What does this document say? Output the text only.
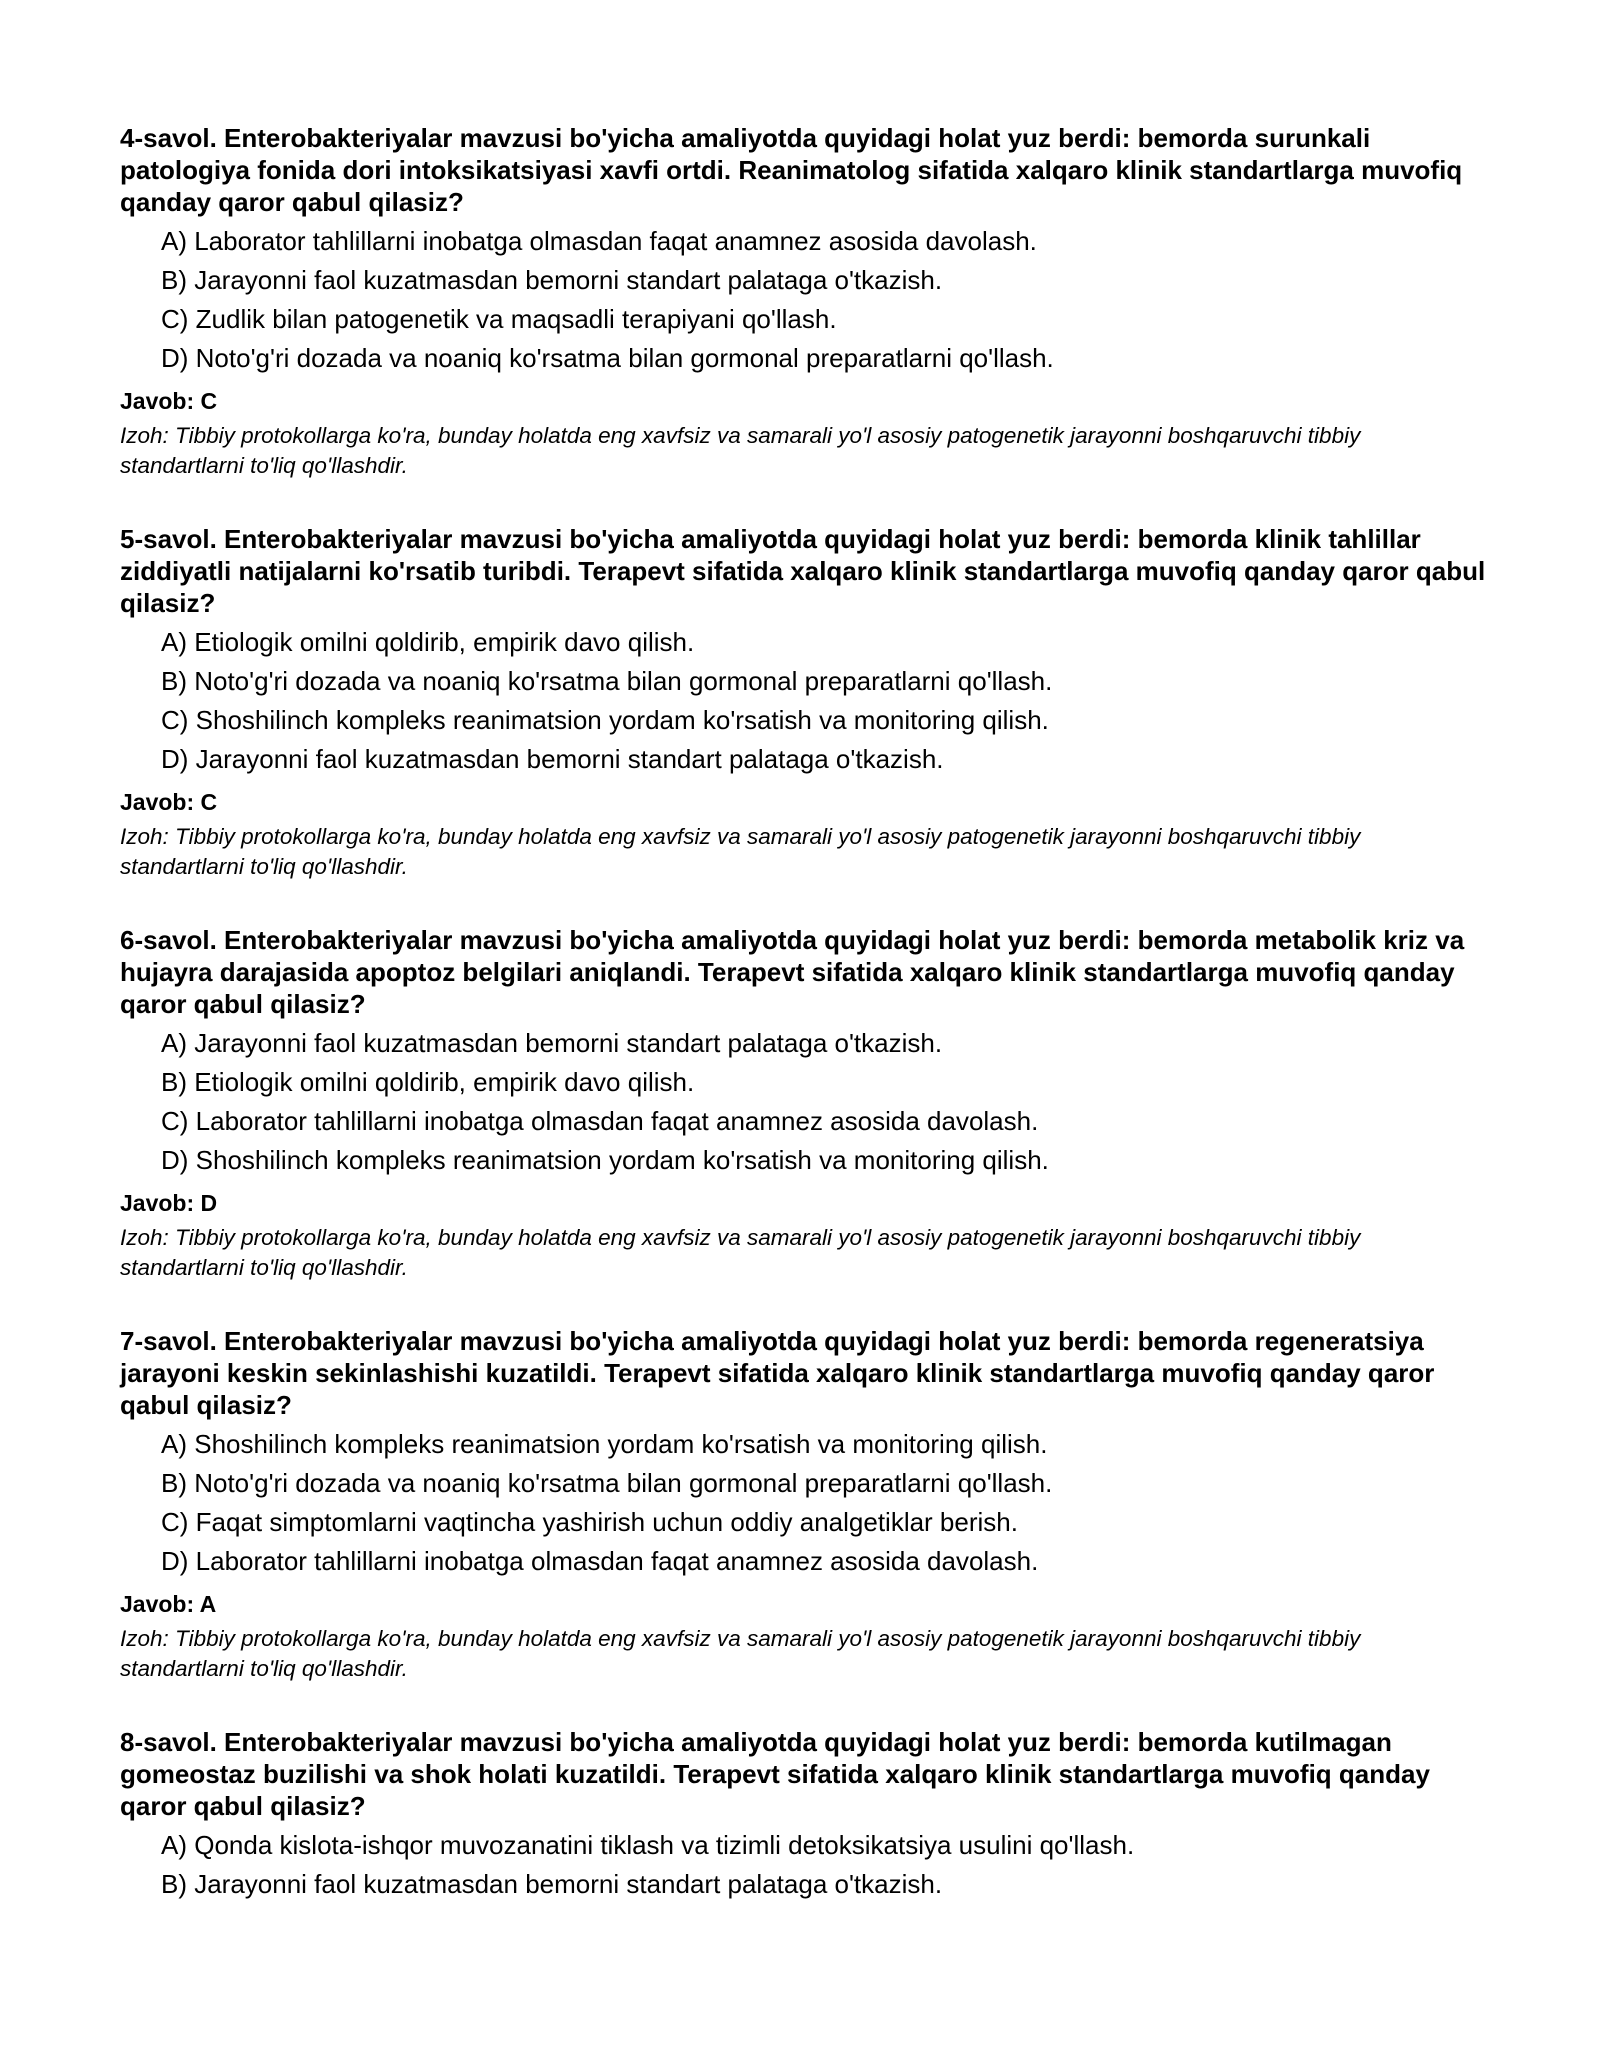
4-savol. Enterobakteriyalar mavzusi bo'yicha amaliyotda quyidagi holat yuz berdi: bemorda surunkali patologiya fonida dori intoksikatsiyasi xavfi ortdi. Reanimatolog sifatida xalqaro klinik standartlarga muvofiq qanday qaror qabul qilasiz?

A) Laborator tahlillarni inobatga olmasdan faqat anamnez asosida davolash.
B) Jarayonni faol kuzatmasdan bemorni standart palataga o'tkazish.
C) Zudlik bilan patogenetik va maqsadli terapiyani qo'llash.
D) Noto'g'ri dozada va noaniq ko'rsatma bilan gormonal preparatlarni qo'llash.

Javob: C

Izoh: Tibbiy protokollarga ko'ra, bunday holatda eng xavfsiz va samarali yo'l asosiy patogenetik jarayonni boshqaruvchi tibbiy standartlarni to'liq qo'llashdir.

5-savol. Enterobakteriyalar mavzusi bo'yicha amaliyotda quyidagi holat yuz berdi: bemorda klinik tahlillar ziddiyatli natijalarni ko'rsatib turibdi. Terapevt sifatida xalqaro klinik standartlarga muvofiq qanday qaror qabul qilasiz?

A) Etiologik omilni qoldirib, empirik davo qilish.
B) Noto'g'ri dozada va noaniq ko'rsatma bilan gormonal preparatlarni qo'llash.
C) Shoshilinch kompleks reanimatsion yordam ko'rsatish va monitoring qilish.
D) Jarayonni faol kuzatmasdan bemorni standart palataga o'tkazish.

Javob: C

Izoh: Tibbiy protokollarga ko'ra, bunday holatda eng xavfsiz va samarali yo'l asosiy patogenetik jarayonni boshqaruvchi tibbiy standartlarni to'liq qo'llashdir.

6-savol. Enterobakteriyalar mavzusi bo'yicha amaliyotda quyidagi holat yuz berdi: bemorda metabolik kriz va hujayra darajasida apoptoz belgilari aniqlandi. Terapevt sifatida xalqaro klinik standartlarga muvofiq qanday qaror qabul qilasiz?

A) Jarayonni faol kuzatmasdan bemorni standart palataga o'tkazish.
B) Etiologik omilni qoldirib, empirik davo qilish.
C) Laborator tahlillarni inobatga olmasdan faqat anamnez asosida davolash.
D) Shoshilinch kompleks reanimatsion yordam ko'rsatish va monitoring qilish.

Javob: D

Izoh: Tibbiy protokollarga ko'ra, bunday holatda eng xavfsiz va samarali yo'l asosiy patogenetik jarayonni boshqaruvchi tibbiy standartlarni to'liq qo'llashdir.

7-savol. Enterobakteriyalar mavzusi bo'yicha amaliyotda quyidagi holat yuz berdi: bemorda regeneratsiya jarayoni keskin sekinlashishi kuzatildi. Terapevt sifatida xalqaro klinik standartlarga muvofiq qanday qaror qabul qilasiz?

A) Shoshilinch kompleks reanimatsion yordam ko'rsatish va monitoring qilish.
B) Noto'g'ri dozada va noaniq ko'rsatma bilan gormonal preparatlarni qo'llash.
C) Faqat simptomlarni vaqtincha yashirish uchun oddiy analgetiklar berish.
D) Laborator tahlillarni inobatga olmasdan faqat anamnez asosida davolash.

Javob: A

Izoh: Tibbiy protokollarga ko'ra, bunday holatda eng xavfsiz va samarali yo'l asosiy patogenetik jarayonni boshqaruvchi tibbiy standartlarni to'liq qo'llashdir.

8-savol. Enterobakteriyalar mavzusi bo'yicha amaliyotda quyidagi holat yuz berdi: bemorda kutilmagan gomeostaz buzilishi va shok holati kuzatildi. Terapevt sifatida xalqaro klinik standartlarga muvofiq qanday qaror qabul qilasiz?

A) Qonda kislota-ishqor muvozanatini tiklash va tizimli detoksikatsiya usulini qo'llash.
B) Jarayonni faol kuzatmasdan bemorni standart palataga o'tkazish.
